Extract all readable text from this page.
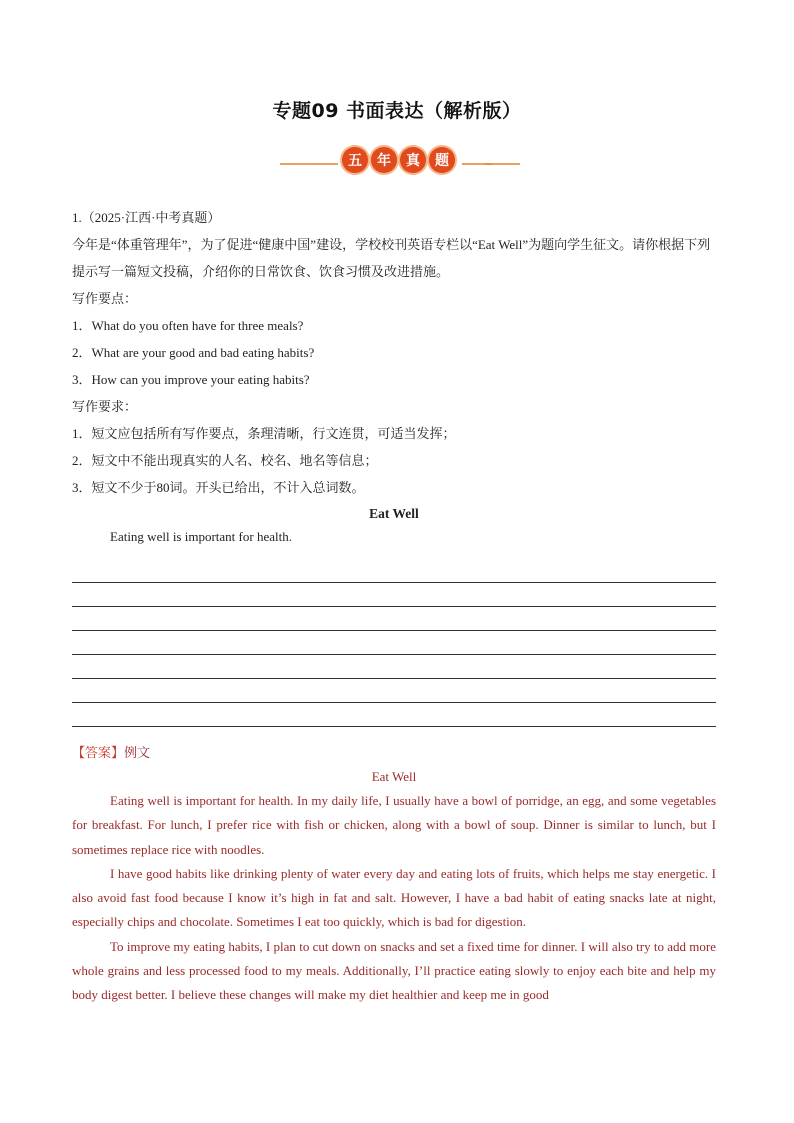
专题09 书面表达（解析版）
五	年	真	题	~

1.（2025·江西·中考真题）

今年是“体重管理年”，为了促进“健康中国”建设，学校校刊英语专栏以“Eat Well”为题向学生征文。请你根据下列提示写一篇短文投稿，介绍你的日常饮食、饮食习惯及改进措施。

写作要点：

1．What do you often have for three meals?

2．What are your good and bad eating habits?

3．How can you improve your eating habits?

写作要求：

1．短文应包括所有写作要点，条理清晰，行文连贯，可适当发挥；

2．短文中不能出现真实的人名、校名、地名等信息；

3．短文不少于80词。开头已给出，不计入总词数。

Eat Well

Eating well is important for health.

【答案】例文

Eat Well

Eating well is important for health. In my daily life, I usually have a bowl of porridge, an egg, and some vegetables for breakfast. For lunch, I prefer rice with fish or chicken, along with a bowl of soup. Dinner is similar to lunch, but I sometimes replace rice with noodles.

I have good habits like drinking plenty of water every day and eating lots of fruits, which helps me stay energetic. I also avoid fast food because I know it’s high in fat and salt. However, I have a bad habit of eating snacks late at night, especially chips and chocolate. Sometimes I eat too quickly, which is bad for digestion.

To improve my eating habits, I plan to cut down on snacks and set a fixed time for dinner. I will also try to add more whole grains and less processed food to my meals. Additionally, I’ll practice eating slowly to enjoy each bite and help my body digest better. I believe these changes will make my diet healthier and keep me in good
